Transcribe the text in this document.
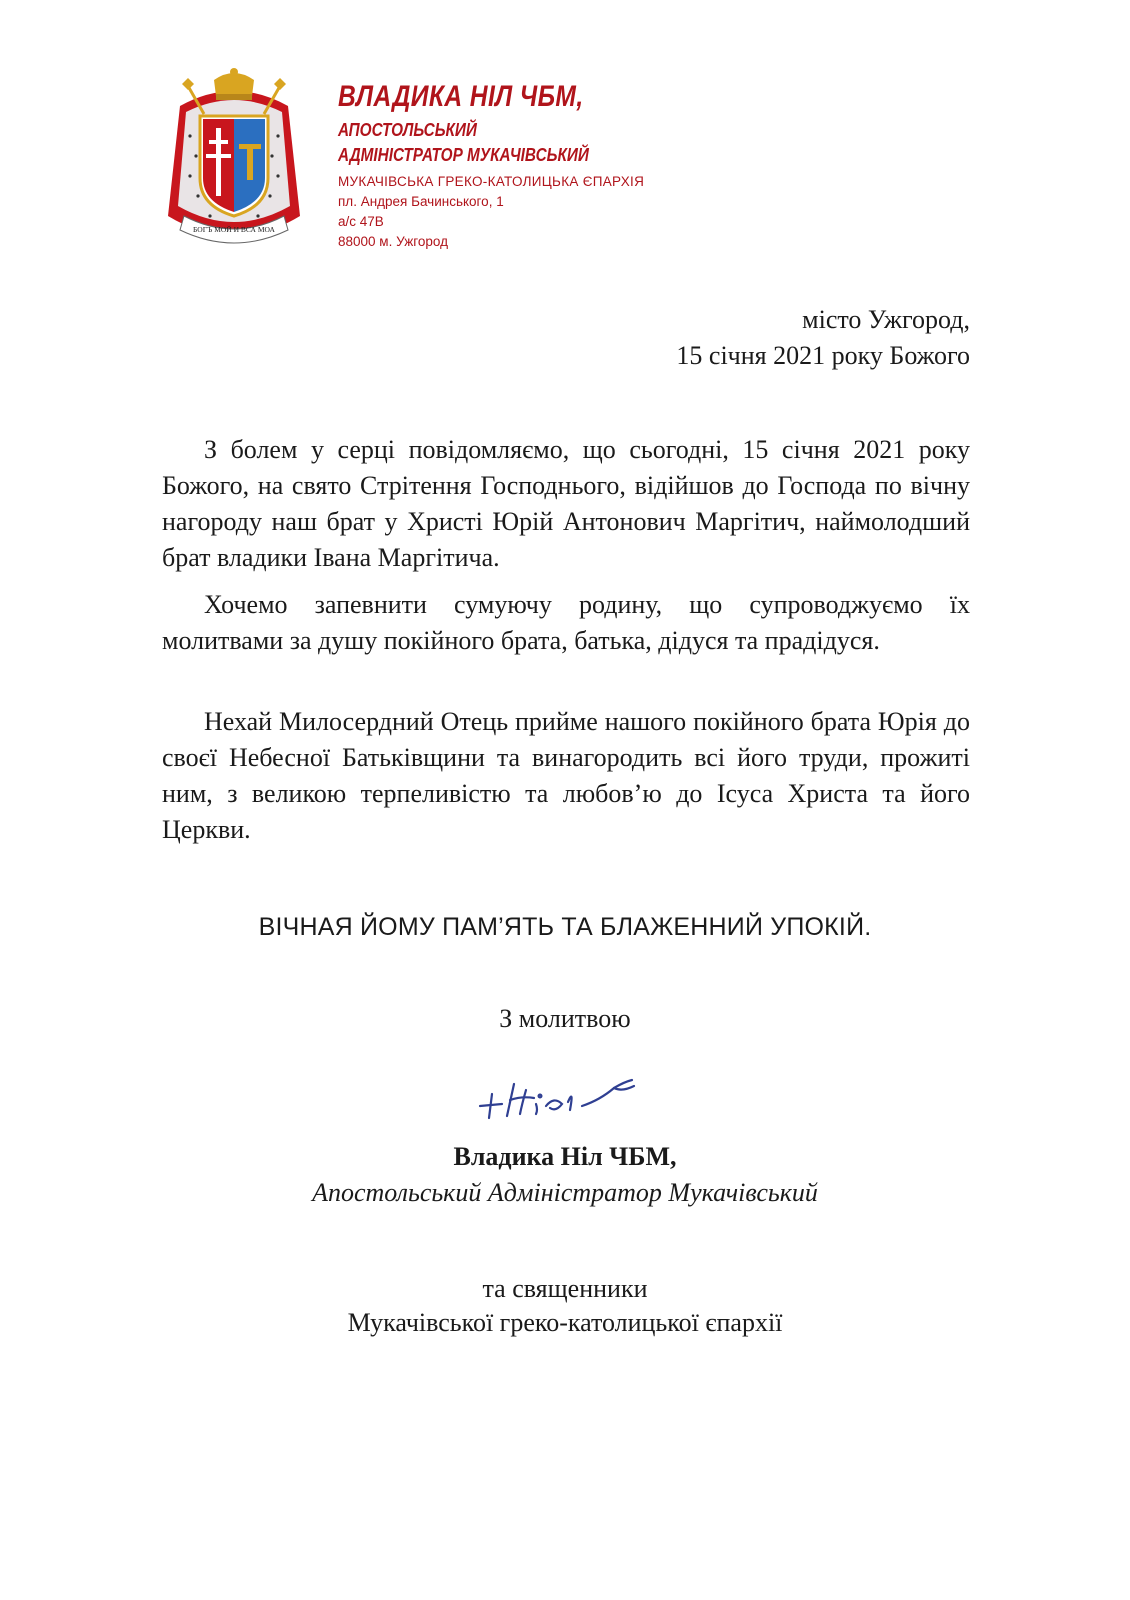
БОГЪ МОЙ И ВСА МОА
ВЛАДИКА НІЛ ЧБМ,
АПОСТОЛЬСЬКИЙ
АДМІНІСТРАТОР МУКАЧІВСЬКИЙ
МУКАЧІВСЬКА ГРЕКО-КАТОЛИЦЬКА ЄПАРХІЯ
пл. Андрея Бачинського, 1
а/с 47В
88000 м. Ужгород
місто Ужгород,
15 січня 2021 року Божого

З болем у серці повідомляємо, що сьогодні, 15 січня 2021 року Божого, на свято Стрітення Господнього, відійшов до Господа по вічну нагороду наш брат у Христі Юрій Антонович Маргітич, наймолодший брат владики Івана Маргітича.

Хочемо запевнити сумуючу родину, що супроводжуємо їх молитвами за душу покійного брата, батька, дідуся та прадідуся.

Нехай Милосердний Отець прийме нашого покійного брата Юрія до своєї Небесної Батьківщини та винагородить всі його труди, прожиті ним, з великою терпеливістю та любов’ю до Ісуса Христа та його Церкви.

ВІЧНАЯ ЙОМУ ПАМ’ЯТЬ ТА БЛАЖЕННИЙ УПОКІЙ.

З молитвою

Владика Ніл ЧБМ,

Апостольський Адміністратор Мукачівський

та священники

Мукачівської греко-католицької єпархії
